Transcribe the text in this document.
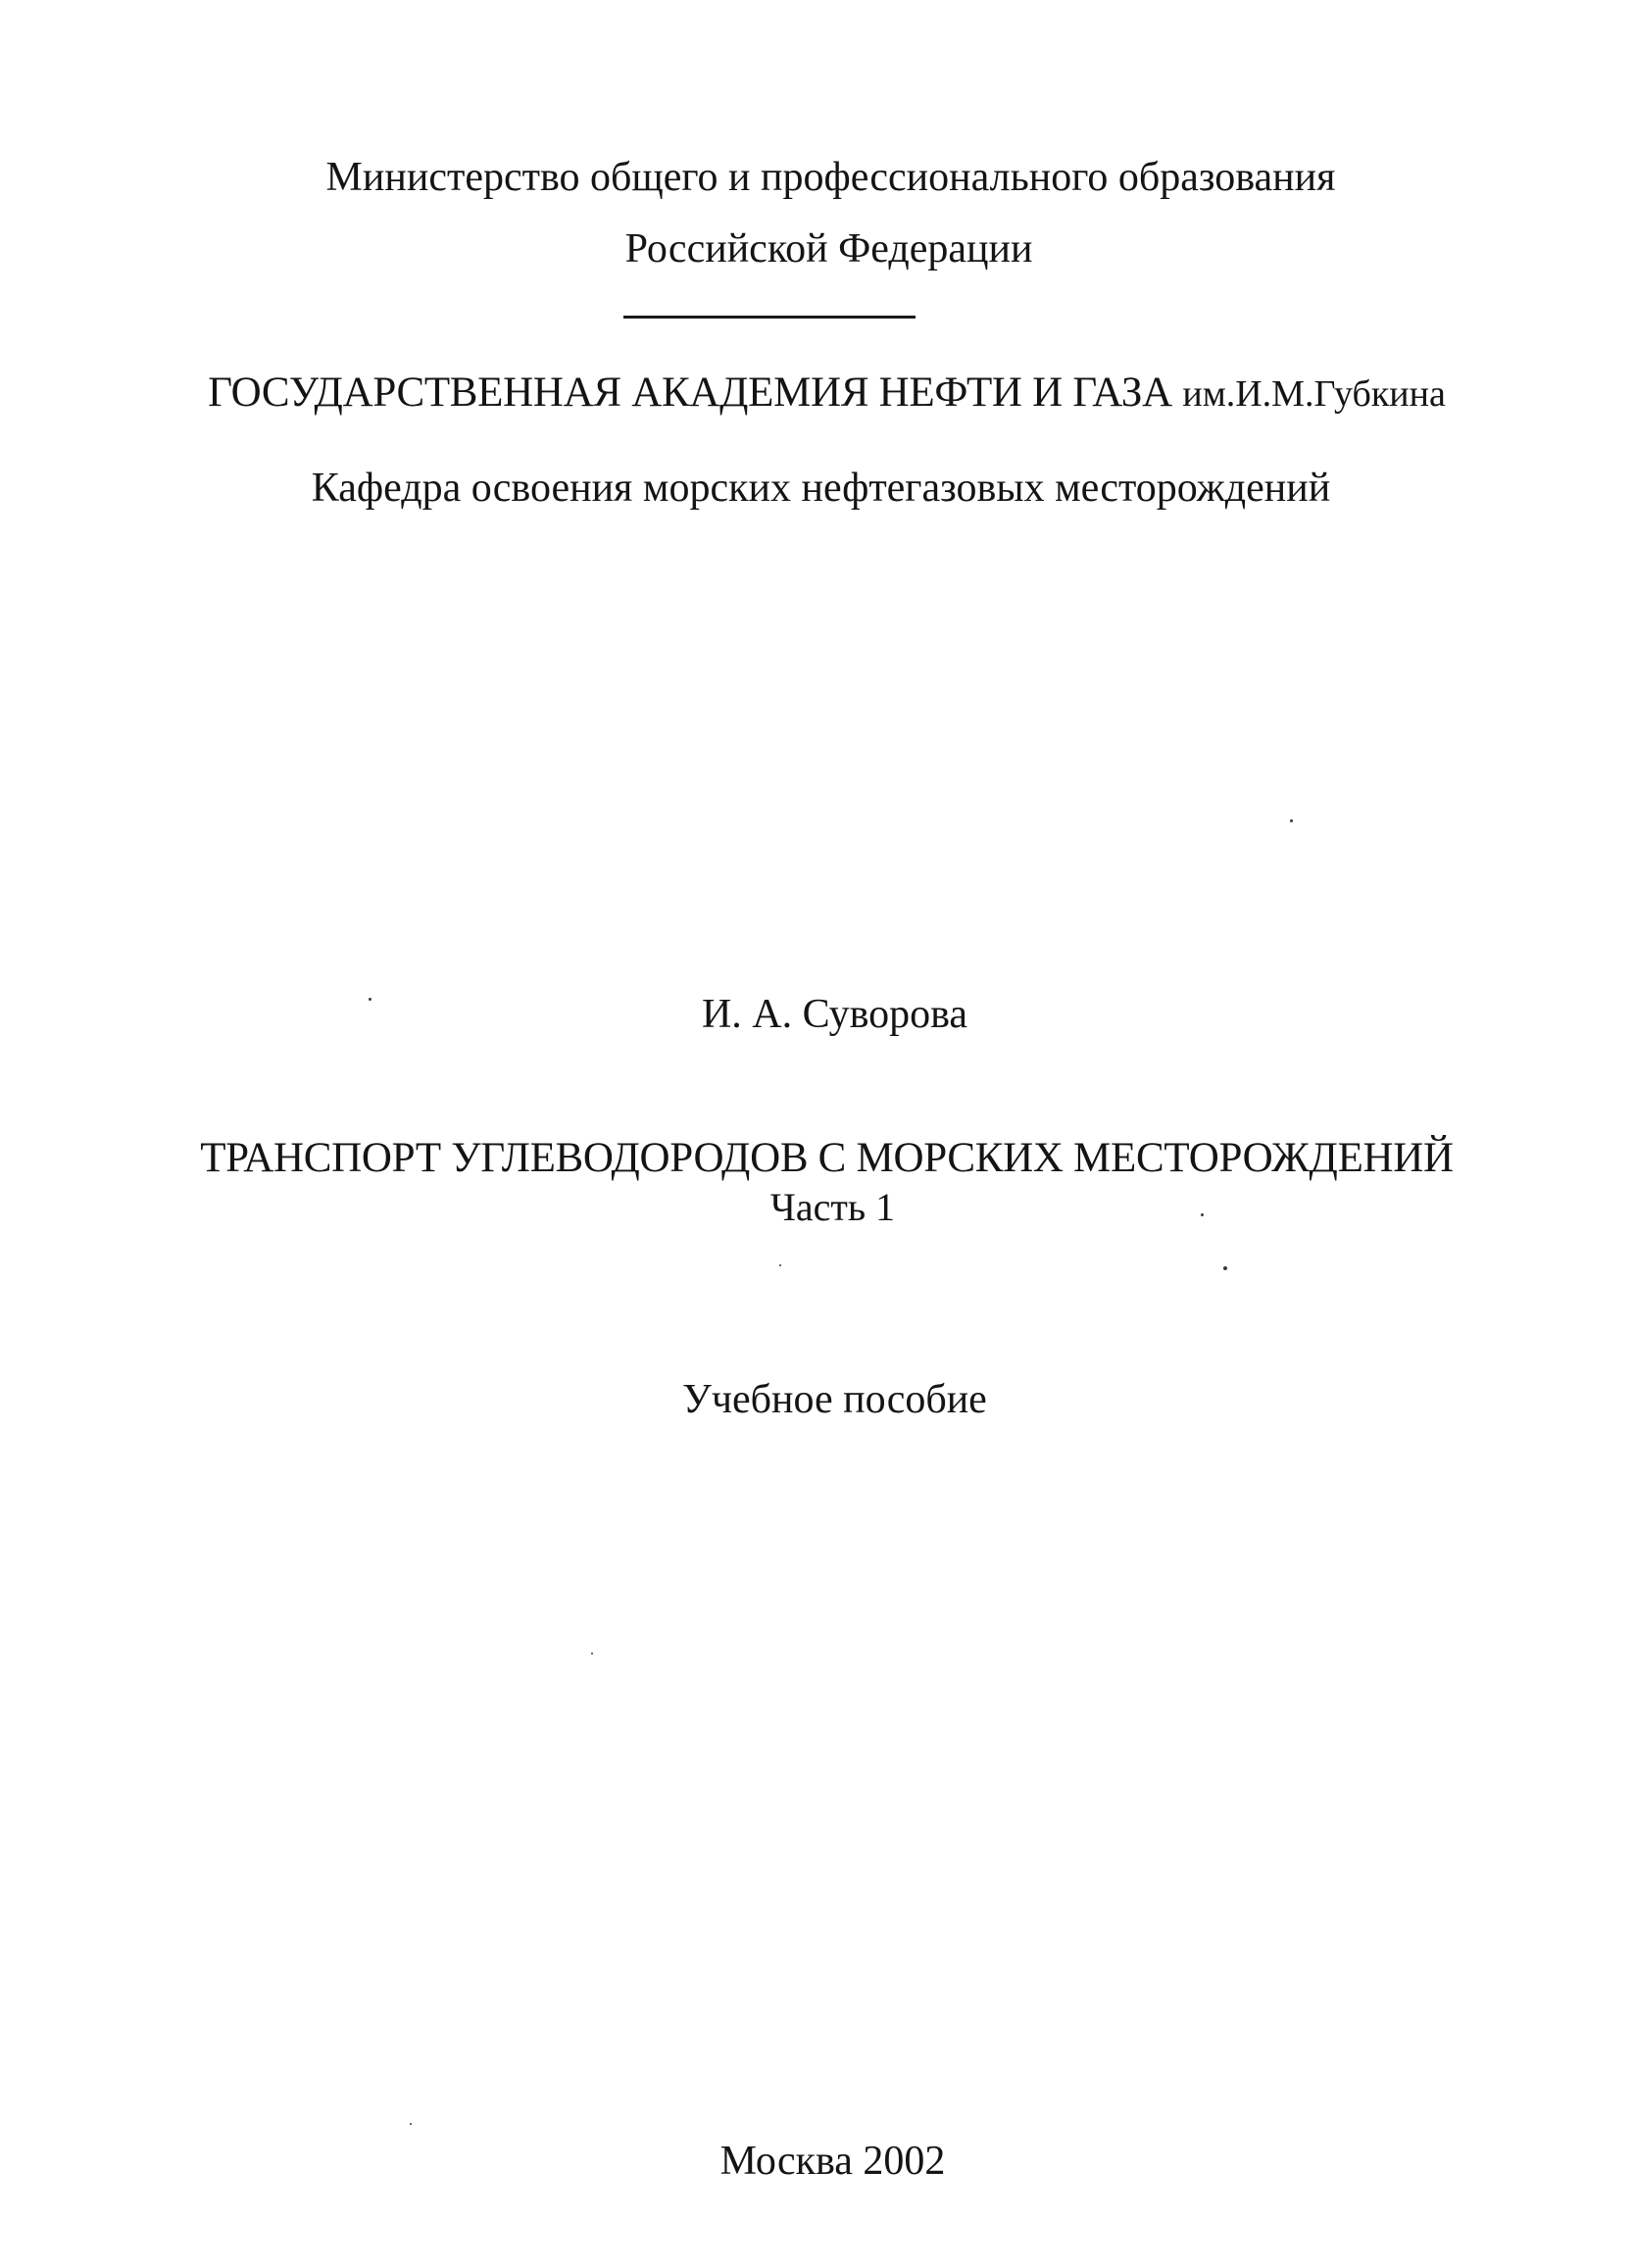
Министерство общего и профессионального образования
Российской Федерации
ГОСУДАРСТВЕННАЯ АКАДЕМИЯ НЕФТИ И ГАЗА им.И.М.Губкина
Кафедра освоения морских нефтегазовых месторождений
И. А. Суворова
ТРАНСПОРТ УГЛЕВОДОРОДОВ С МОРСКИХ МЕСТОРОЖДЕНИЙ
Часть 1
Учебное пособие
Москва 2002
